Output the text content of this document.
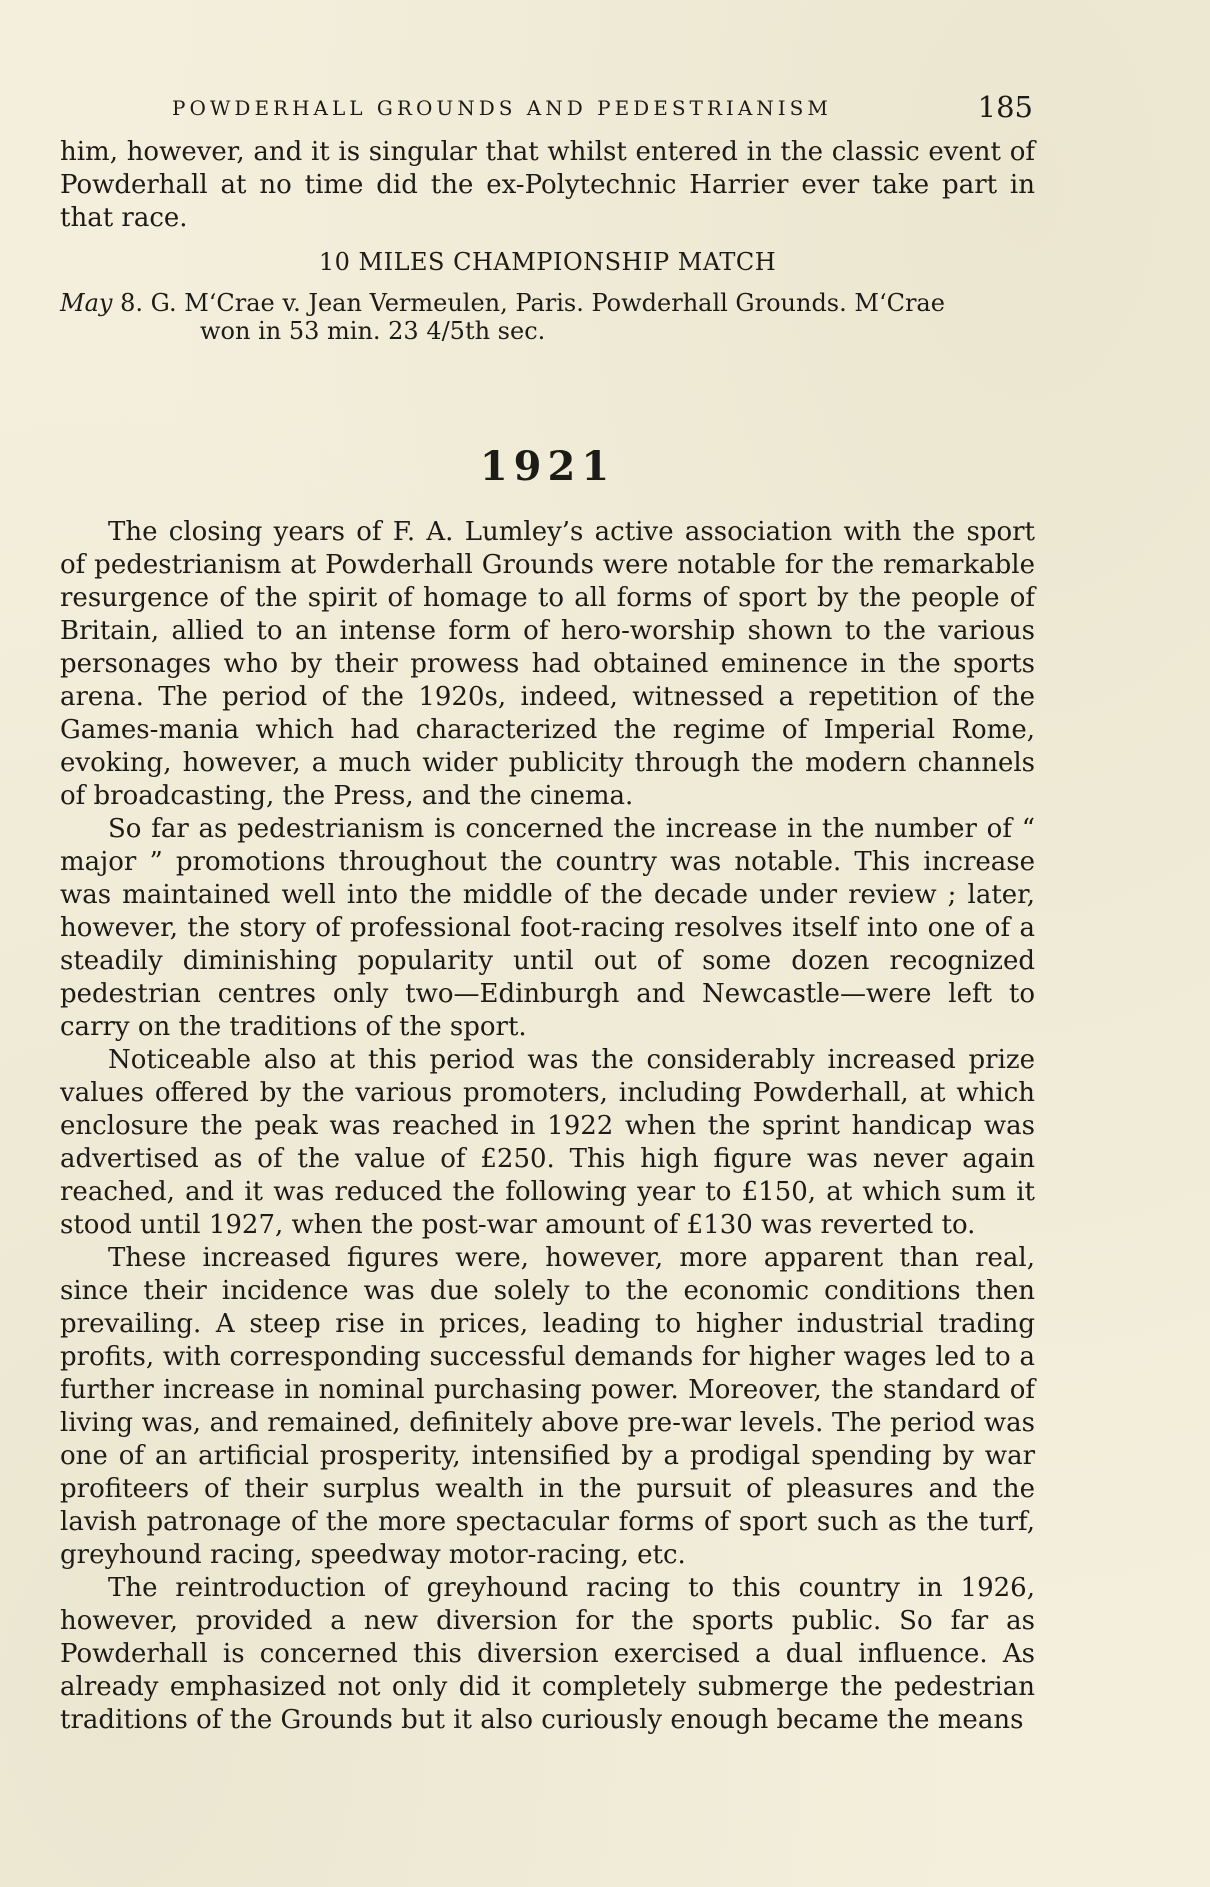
POWDERHALL GROUNDS AND PEDESTRIANISM	185

him, however, and it is singular that whilst entered in the classic event of Powderhall at no time did the ex-Polytechnic Harrier ever take part in that race.

10 MILES CHAMPIONSHIP MATCH
May 8. G. M‘Crae v. Jean Vermeulen, Paris. Powderhall Grounds. M‘Crae
won in 53 min. 23 4/5th sec.
1921

The closing years of F. A. Lumley’s active association with the sport of pedestrianism at Powderhall Grounds were notable for the remarkable resurgence of the spirit of homage to all forms of sport by the people of Britain, allied to an intense form of hero-worship shown to the various personages who by their prowess had obtained eminence in the sports arena. The period of the 1920s, indeed, witnessed a repetition of the Games-mania which had characterized the regime of Imperial Rome, evoking, however, a much wider publicity through the modern channels of broadcasting, the Press, and the cinema.

So far as pedestrianism is concerned the increase in the number of “ major ” promotions throughout the country was notable. This increase was maintained well into the middle of the decade under review ; later, however, the story of professional foot-racing resolves itself into one of a steadily diminishing popularity until out of some dozen recognized pedestrian centres only two—Edinburgh and Newcastle—were left to carry on the traditions of the sport.

Noticeable also at this period was the considerably increased prize values offered by the various promoters, including Powderhall, at which enclosure the peak was reached in 1922 when the sprint handicap was advertised as of the value of £250. This high figure was never again reached, and it was reduced the following year to £150, at which sum it stood until 1927, when the post-war amount of £130 was reverted to.

These increased figures were, however, more apparent than real, since their incidence was due solely to the economic conditions then prevailing. A steep rise in prices, leading to higher industrial trading profits, with corresponding successful demands for higher wages led to a further increase in nominal purchasing power. Moreover, the standard of living was, and remained, definitely above pre-war levels. The period was one of an artificial prosperity, intensified by a prodigal spending by war profiteers of their surplus wealth in the pursuit of pleasures and the lavish patronage of the more spectacular forms of sport such as the turf, greyhound racing, speedway motor-racing, etc.

The reintroduction of greyhound racing to this country in 1926, however, provided a new diversion for the sports public. So far as Powderhall is concerned this diversion exercised a dual influence. As already emphasized not only did it completely submerge the pedestrian traditions of the Grounds but it also curiously enough became the means
